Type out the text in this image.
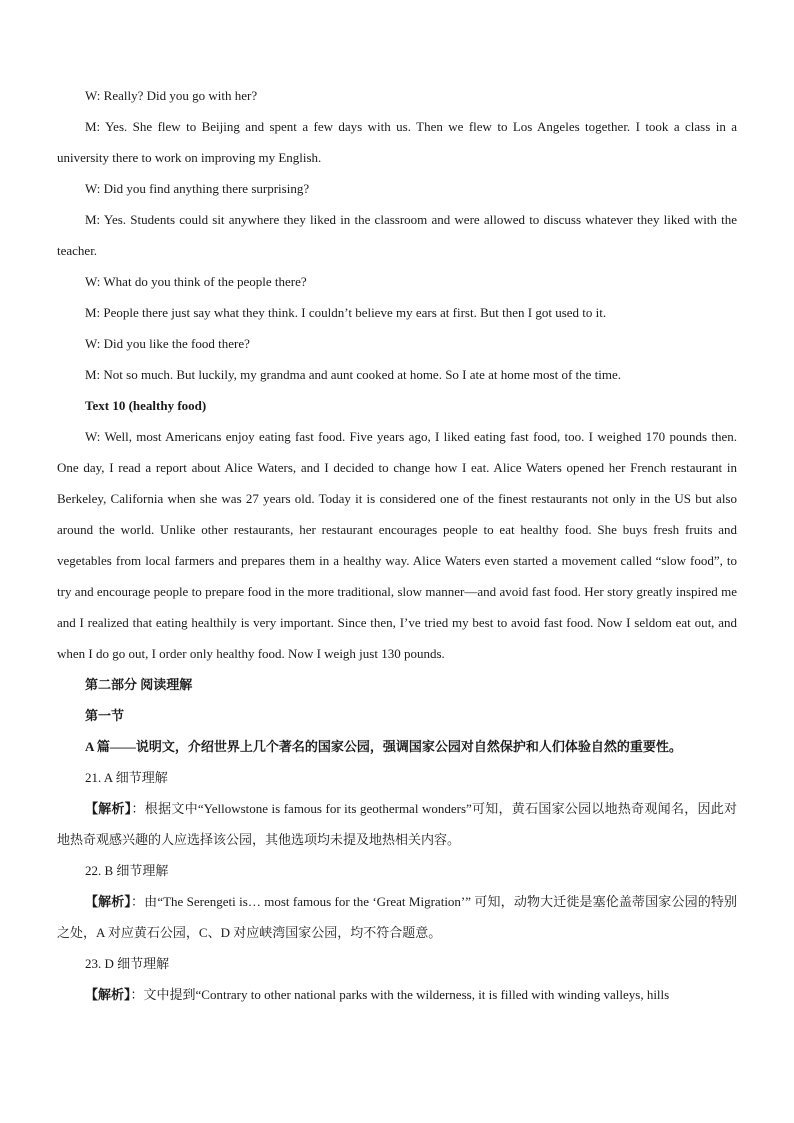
W: Really? Did you go with her?

M: Yes. She flew to Beijing and spent a few days with us. Then we flew to Los Angeles together. I took a class in a university there to work on improving my English.

W: Did you find anything there surprising?

M: Yes. Students could sit anywhere they liked in the classroom and were allowed to discuss whatever they liked with the teacher.

W: What do you think of the people there?

M: People there just say what they think. I couldn’t believe my ears at first. But then I got used to it.

W: Did you like the food there?

M: Not so much. But luckily, my grandma and aunt cooked at home. So I ate at home most of the time.

Text 10 (healthy food)

W: Well, most Americans enjoy eating fast food. Five years ago, I liked eating fast food, too. I weighed 170 pounds then. One day, I read a report about Alice Waters, and I decided to change how I eat. Alice Waters opened her French restaurant in Berkeley, California when she was 27 years old. Today it is considered one of the finest restaurants not only in the US but also around the world. Unlike other restaurants, her restaurant encourages people to eat healthy food. She buys fresh fruits and vegetables from local farmers and prepares them in a healthy way. Alice Waters even started a movement called “slow food”, to try and encourage people to prepare food in the more traditional, slow manner—and avoid fast food. Her story greatly inspired me and I realized that eating healthily is very important. Since then, I’ve tried my best to avoid fast food. Now I seldom eat out, and when I do go out, I order only healthy food. Now I weigh just 130 pounds.

第二部分 阅读理解

第一节

A 篇——说明文，介绍世界上几个著名的国家公园，强调国家公园对自然保护和人们体验自然的重要性。

21. A 细节理解

【解析】：根据文中“Yellowstone is famous for its geothermal wonders”可知，黄石国家公园以地热奇观闻名，因此对地热奇观感兴趣的人应选择该公园，其他选项均未提及地热相关内容。

22. B 细节理解

【解析】：由“The Serengeti is… most famous for the ‘Great Migration’” 可知，动物大迁徙是塞伦盖蒂国家公园的特别之处，A 对应黄石公园，C、D 对应峡湾国家公园，均不符合题意。

23. D 细节理解

【解析】：文中提到“Contrary to other national parks with the wilderness, it is filled with winding valleys, hills
